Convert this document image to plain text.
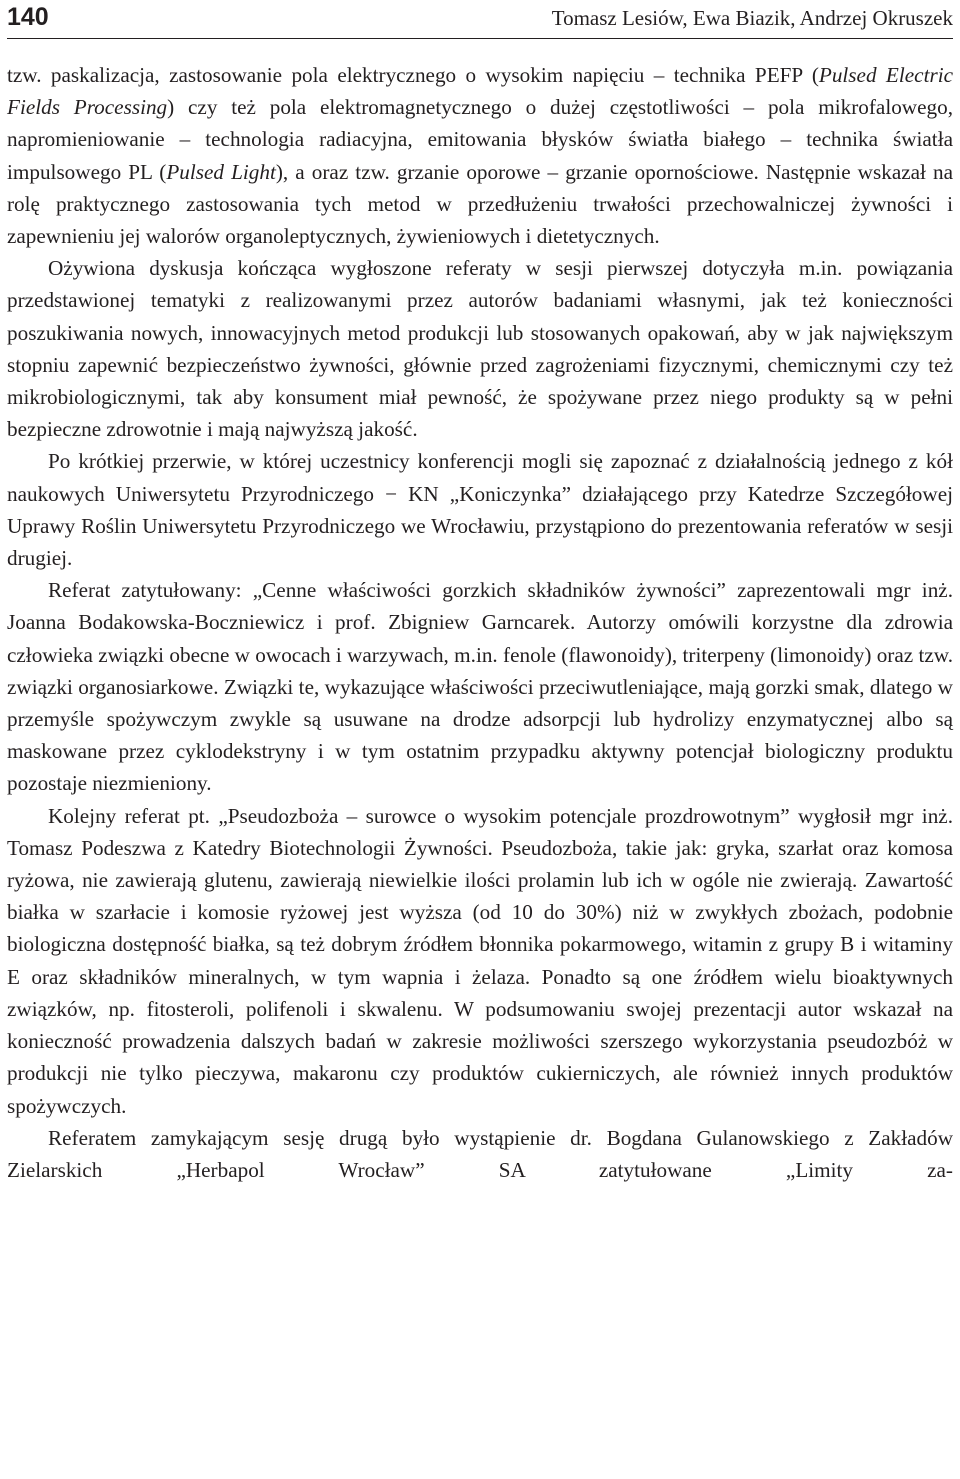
140	Tomasz Lesiów, Ewa Biazik, Andrzej Okruszek

tzw. paskalizacja, zastosowanie pola elektrycznego o wysokim napięciu – technika PEFP (Pulsed Electric Fields Processing) czy też pola elektromagnetycznego o dużej częstotliwości – pola mikrofalowego, napromieniowanie – technologia radiacyjna, emitowania błysków światła białego – technika światła impulsowego PL (Pulsed Light), a oraz tzw. grzanie oporowe – grzanie opornościowe. Następnie wskazał na rolę praktycznego zastosowania tych metod w przedłużeniu trwałości przechowalniczej żywności i zapewnieniu jej walorów organoleptycznych, żywieniowych i dietetycznych.

Ożywiona dyskusja kończąca wygłoszone referaty w sesji pierwszej dotyczyła m.in. powiązania przedstawionej tematyki z realizowanymi przez autorów badaniami własnymi, jak też konieczności poszukiwania nowych, innowacyjnych metod produkcji lub stosowanych opakowań, aby w jak największym stopniu zapewnić bezpieczeństwo żywności, głównie przed zagrożeniami fizycznymi, chemicznymi czy też mikrobiologicznymi, tak aby konsument miał pewność, że spożywane przez niego produkty są w pełni bezpieczne zdrowotnie i mają najwyższą jakość.

Po krótkiej przerwie, w której uczestnicy konferencji mogli się zapoznać z działalnością jednego z kół naukowych Uniwersytetu Przyrodniczego − KN „Koniczynka” działającego przy Katedrze Szczegółowej Uprawy Roślin Uniwersytetu Przyrodniczego we Wrocławiu, przystąpiono do prezentowania referatów w sesji drugiej.

Referat zatytułowany: „Cenne właściwości gorzkich składników żywności” zaprezentowali mgr inż. Joanna Bodakowska-Boczniewicz i prof. Zbigniew Garncarek. Autorzy omówili korzystne dla zdrowia człowieka związki obecne w owocach i warzywach, m.in. fenole (flawonoidy), triterpeny (limonoidy) oraz tzw. związki organosiarkowe. Związki te, wykazujące właściwości przeciwutleniające, mają gorzki smak, dlatego w przemyśle spożywczym zwykle są usuwane na drodze adsorpcji lub hydrolizy enzymatycznej albo są maskowane przez cyklodekstryny i w tym ostatnim przypadku aktywny potencjał biologiczny produktu pozostaje niezmieniony.

Kolejny referat pt. „Pseudozboża – surowce o wysokim potencjale prozdrowotnym” wygłosił mgr inż. Tomasz Podeszwa z Katedry Biotechnologii Żywności. Pseudozboża, takie jak: gryka, szarłat oraz komosa ryżowa, nie zawierają glutenu, zawierają niewielkie ilości prolamin lub ich w ogóle nie zwierają. Zawartość białka w szarłacie i komosie ryżowej jest wyższa (od 10 do 30%) niż w zwykłych zbożach, podobnie biologiczna dostępność białka, są też dobrym źródłem błonnika pokarmowego, witamin z grupy B i witaminy E oraz składników mineralnych, w tym wapnia i żelaza. Ponadto są one źródłem wielu bioaktywnych związków, np. fitosteroli, polifenoli i skwalenu. W podsumowaniu swojej prezentacji autor wskazał na konieczność prowadzenia dalszych badań w zakresie możliwości szerszego wykorzystania pseudozbóż w produkcji nie tylko pieczywa, makaronu czy produktów cukierniczych, ale również innych produktów spożywczych.

Referatem zamykającym sesję drugą było wystąpienie dr. Bogdana Gulanowskiego z Zakładów Zielarskich „Herbapol Wrocław” SA zatytułowane „Limity za-
